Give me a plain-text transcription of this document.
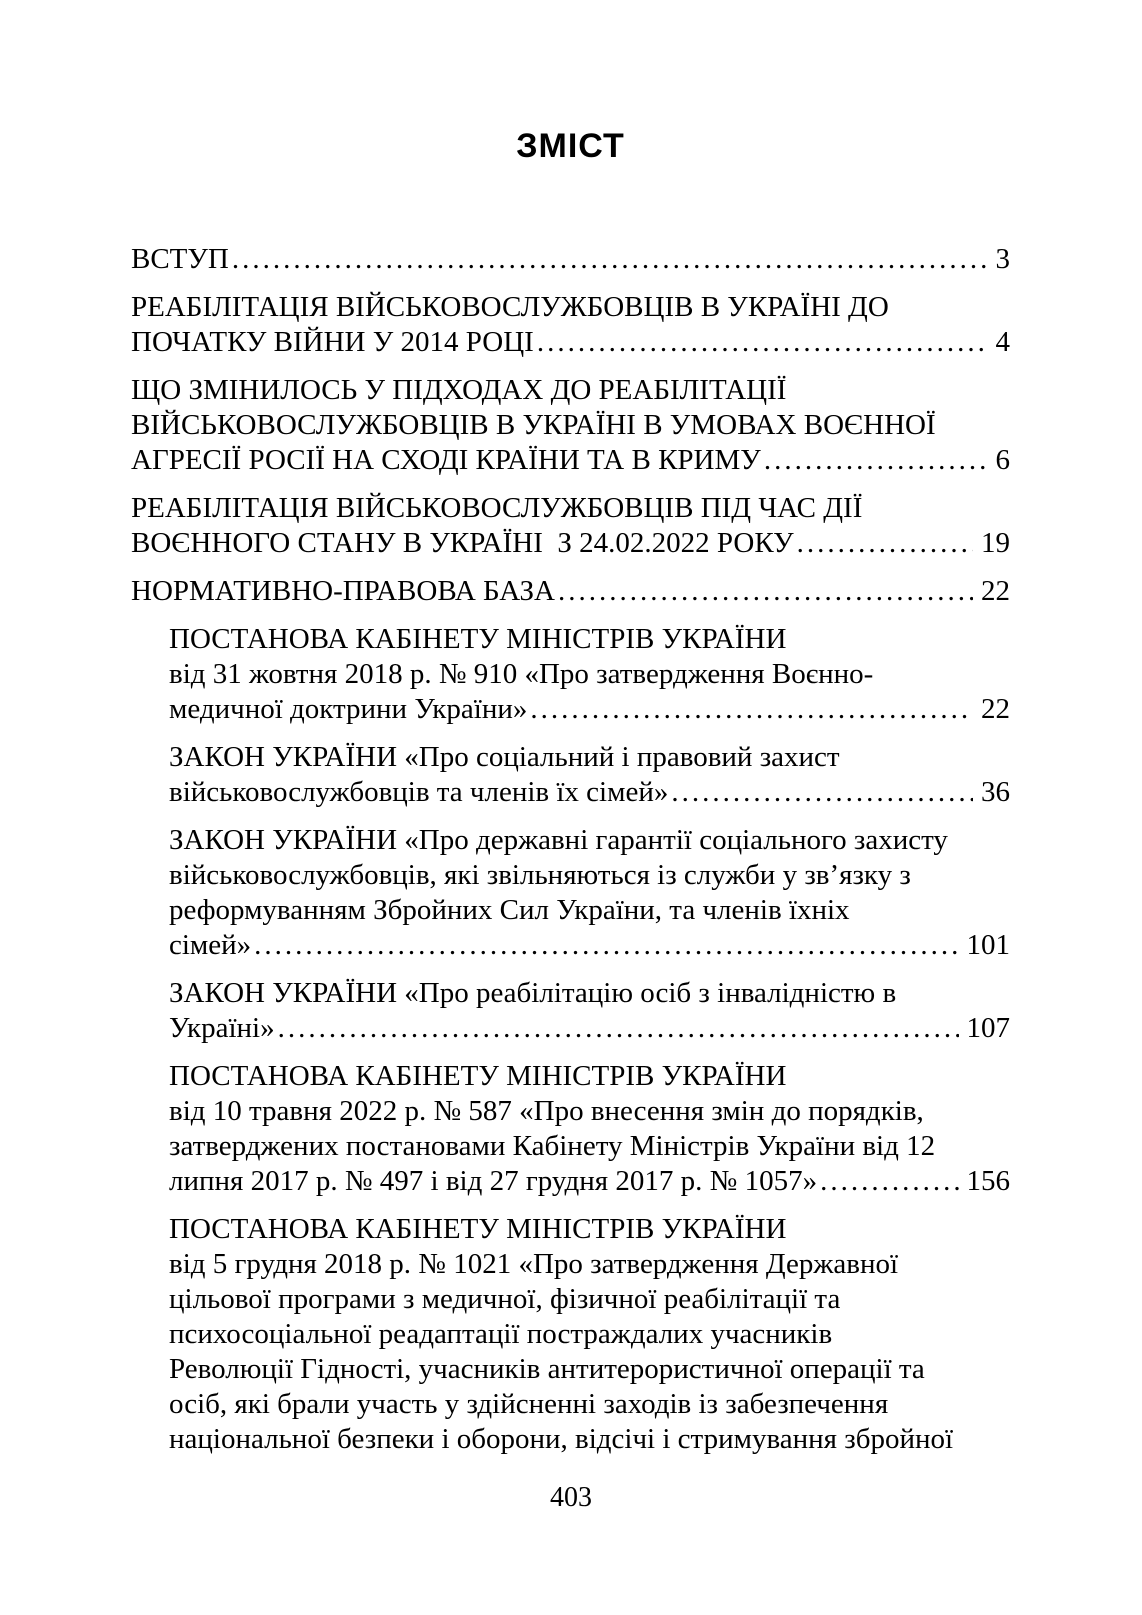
ЗМІСТ
ВСТУП .....	3
РЕАБІЛІТАЦІЯ ВІЙСЬКОВОСЛУЖБОВЦІВ В УКРАЇНІ ДО
ПОЧАТКУ ВІЙНИ У 2014 РОЦІ .....	4
ЩО ЗМІНИЛОСЬ У ПІДХОДАХ ДО РЕАБІЛІТАЦІЇ
ВІЙСЬКОВОСЛУЖБОВЦІВ В УКРАЇНІ В УМОВАХ ВОЄННОЇ
АГРЕСІЇ РОСІЇ НА СХОДІ КРАЇНИ ТА В КРИМУ .....	6
РЕАБІЛІТАЦІЯ ВІЙСЬКОВОСЛУЖБОВЦІВ ПІД ЧАС ДІЇ
ВОЄННОГО СТАНУ В УКРАЇНІ  З 24.02.2022 РОКУ .....	19
НОРМАТИВНО-ПРАВОВА БАЗА .....	22
ПОСТАНОВА КАБІНЕТУ МІНІСТРІВ УКРАЇНИ
від 31 жовтня 2018 р. № 910 «Про затвердження Воєнно-
медичної доктрини України» .....	22
ЗАКОН УКРАЇНИ «Про соціальний і правовий захист
військовослужбовців та членів їх сімей» .....	36
ЗАКОН УКРАЇНИ «Про державні гарантії соціального захисту
військовослужбовців, які звільняються із служби у зв’язку з
реформуванням Збройних Сил України, та членів їхніх
сімей» .....	101
ЗАКОН УКРАЇНИ «Про реабілітацію осіб з інвалідністю в
Україні» .....	107
ПОСТАНОВА КАБІНЕТУ МІНІСТРІВ УКРАЇНИ
від 10 травня 2022 р. № 587 «Про внесення змін до порядків,
затверджених постановами Кабінету Міністрів України від 12
липня 2017 р. № 497 і від 27 грудня 2017 р. № 1057» .....	156
ПОСТАНОВА КАБІНЕТУ МІНІСТРІВ УКРАЇНИ
від 5 грудня 2018 р. № 1021 «Про затвердження Державної
цільової програми з медичної, фізичної реабілітації та
психосоціальної реадаптації постраждалих учасників
Революції Гідності, учасників антитерористичної операції та
осіб, які брали участь у здійсненні заходів із забезпечення
національної безпеки і оборони, відсічі і стримування збройної
403
